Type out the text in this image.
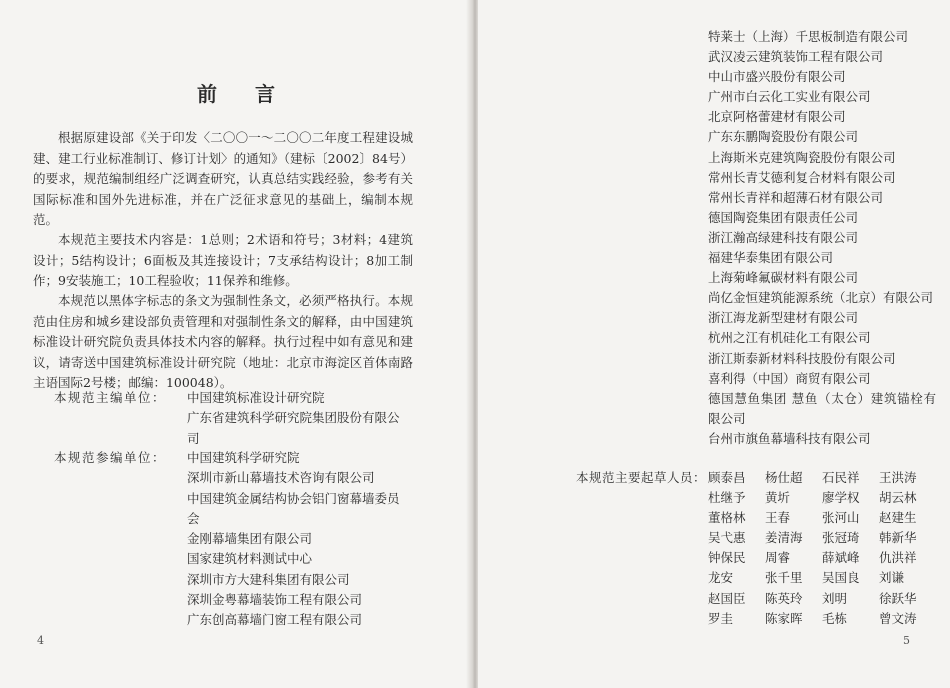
前言

根据原建设部《关于印发〈二〇〇一～二〇〇二年度工程建设城建、建工行业标准制订、修订计划〉的通知》（建标〔2002〕84号）的要求，规范编制组经广泛调查研究，认真总结实践经验，参考有关国际标准和国外先进标准，并在广泛征求意见的基础上，编制本规范。

本规范主要技术内容是：1总则；2术语和符号；3材料；4建筑设计；5结构设计；6面板及其连接设计；7支承结构设计；8加工制作；9安装施工；10工程验收；11保养和维修。

本规范以黑体字标志的条文为强制性条文，必须严格执行。本规范由住房和城乡建设部负责管理和对强制性条文的解释，由中国建筑标准设计研究院负责具体技术内容的解释。执行过程中如有意见和建议，请寄送中国建筑标准设计研究院（地址：北京市海淀区首体南路主语国际2号楼；邮编：100048）。

本规范主编单位： 中国建筑标准设计研究院
广东省建筑科学研究院集团股份有限公司
本规范参编单位： 中国建筑科学研究院
深圳市新山幕墙技术咨询有限公司
中国建筑金属结构协会铝门窗幕墙委员会
金刚幕墙集团有限公司
国家建筑材料测试中心
深圳市方大建科集团有限公司
深圳金粤幕墙装饰工程有限公司
广东创高幕墙门窗工程有限公司
4
特莱士（上海）千思板制造有限公司
武汉凌云建筑装饰工程有限公司
中山市盛兴股份有限公司
广州市白云化工实业有限公司
北京阿格蕾建材有限公司
广东东鹏陶瓷股份有限公司
上海斯米克建筑陶瓷股份有限公司
常州长青艾德利复合材料有限公司
常州长青祥和超薄石材有限公司
德国陶瓷集团有限责任公司
浙江瀚高绿建科技有限公司
福建华泰集团有限公司
上海菊峰氟碳材料有限公司
尚亿金恒建筑能源系统（北京）有限公司
浙江海龙新型建材有限公司
杭州之江有机硅化工有限公司
浙江斯泰新材料科技股份有限公司
喜利得（中国）商贸有限公司
德国慧鱼集团 慧鱼（太仓）建筑锚栓有限公司
台州市旗鱼幕墙科技有限公司
本规范主要起草人员： 顾泰昌	杨仕超	石民祥	王洪涛
杜继予	黄圻	廖学权	胡云林
董格林	王春	张河山	赵建生
吴弋惠	姜清海	张冠琦	韩新华
钟保民	周睿	薛斌峰	仇洪祥
龙安	张千里	吴国良	刘谦
赵国臣	陈英玲	刘明	徐跃华
罗圭	陈家晖	毛栋	曾文涛
5
